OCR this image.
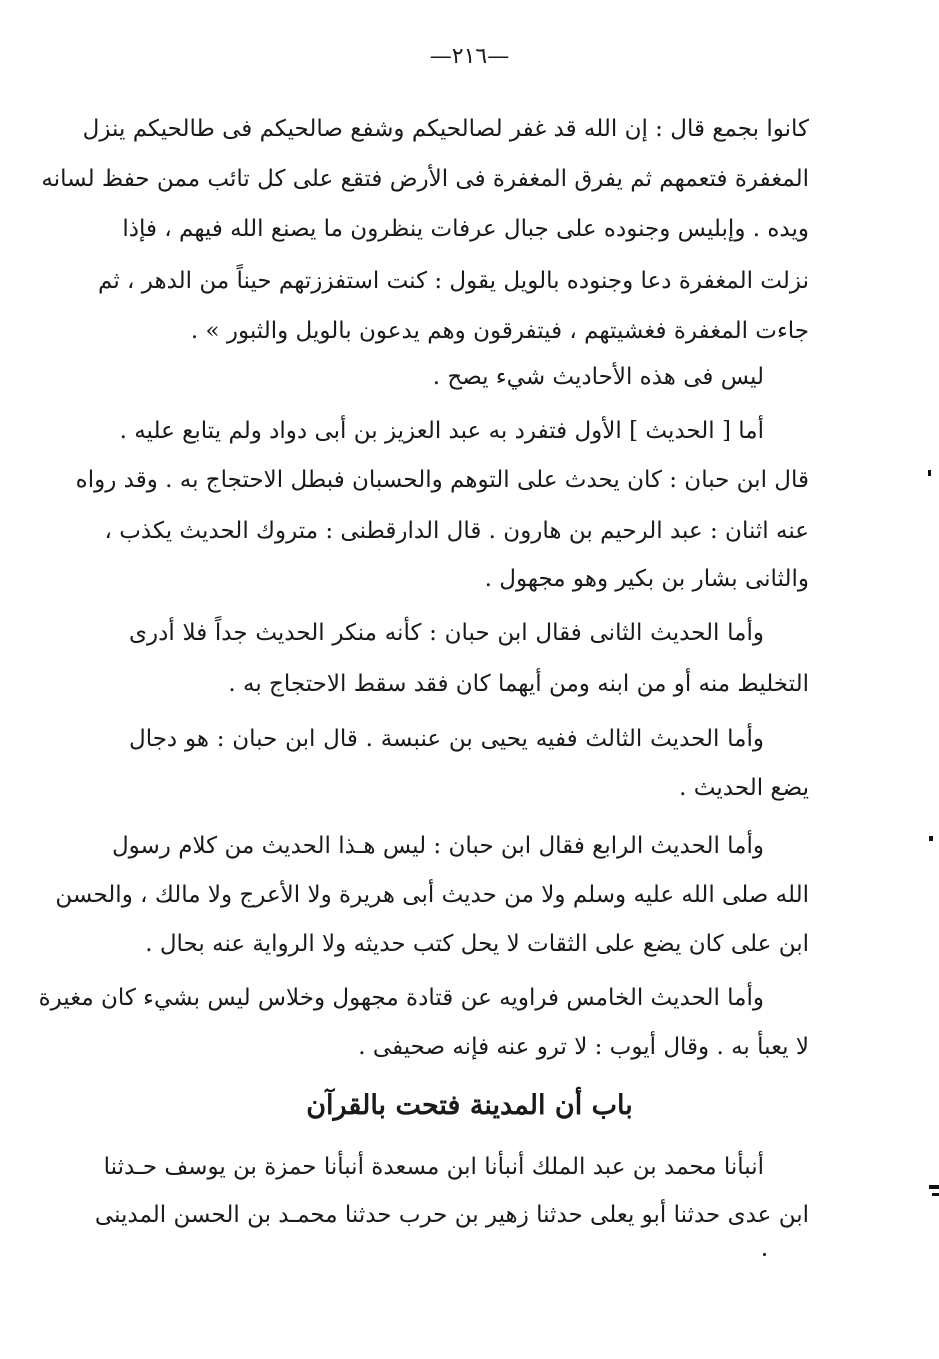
—٢١٦—
كانوا بجمع قال : إن الله قد غفر لصالحيكم وشفع صالحيكم فى طالحيكم ينزل
المغفرة فتعمهم ثم يفرق المغفرة فى الأرض فتقع على كل تائب ممن حفظ لسانه
ويده . وإبليس وجنوده على جبال عرفات ينظرون ما يصنع الله فيهم ، فإذا
نزلت المغفرة دعا وجنوده بالويل يقول : كنت استفززتهم حيناً من الدهر ، ثم
جاءت المغفرة فغشيتهم ، فيتفرقون وهم يدعون بالويل والثبور » .
ليس فى هذه الأحاديث شيء يصح .
أما [ الحديث ] الأول فتفرد به عبد العزيز بن أبى دواد ولم يتابع عليه .
قال ابن حبان : كان يحدث على التوهم والحسبان فبطل الاحتجاج به . وقد رواه
عنه اثنان : عبد الرحيم بن هارون . قال الدارقطنى : متروك الحديث يكذب ،
والثانى بشار بن بكير وهو مجهول .
وأما الحديث الثانى فقال ابن حبان : كأنه منكر الحديث جداً فلا أدرى
التخليط منه أو من ابنه ومن أيهما كان فقد سقط الاحتجاج به .
وأما الحديث الثالث ففيه يحيى بن عنبسة . قال ابن حبان : هو دجال
يضع الحديث .
وأما الحديث الرابع فقال ابن حبان : ليس هـذا الحديث من كلام رسول
الله صلى الله عليه وسلم ولا من حديث أبى هريرة ولا الأعرج ولا مالك ، والحسن
ابن على كان يضع على الثقات لا يحل كتب حديثه ولا الرواية عنه بحال .
وأما الحديث الخامس فراويه عن قتادة مجهول وخلاس ليس بشيء كان مغيرة
لا يعبأ به . وقال أيوب : لا ترو عنه فإنه صحيفى .
باب أن المدينة فتحت بالقرآن
أنبأنا محمد بن عبد الملك أنبأنا ابن مسعدة أنبأنا حمزة بن يوسف حـدثنا
ابن عدى حدثنا أبو يعلى حدثنا زهير بن حرب حدثنا محمـد بن الحسن المدينى
